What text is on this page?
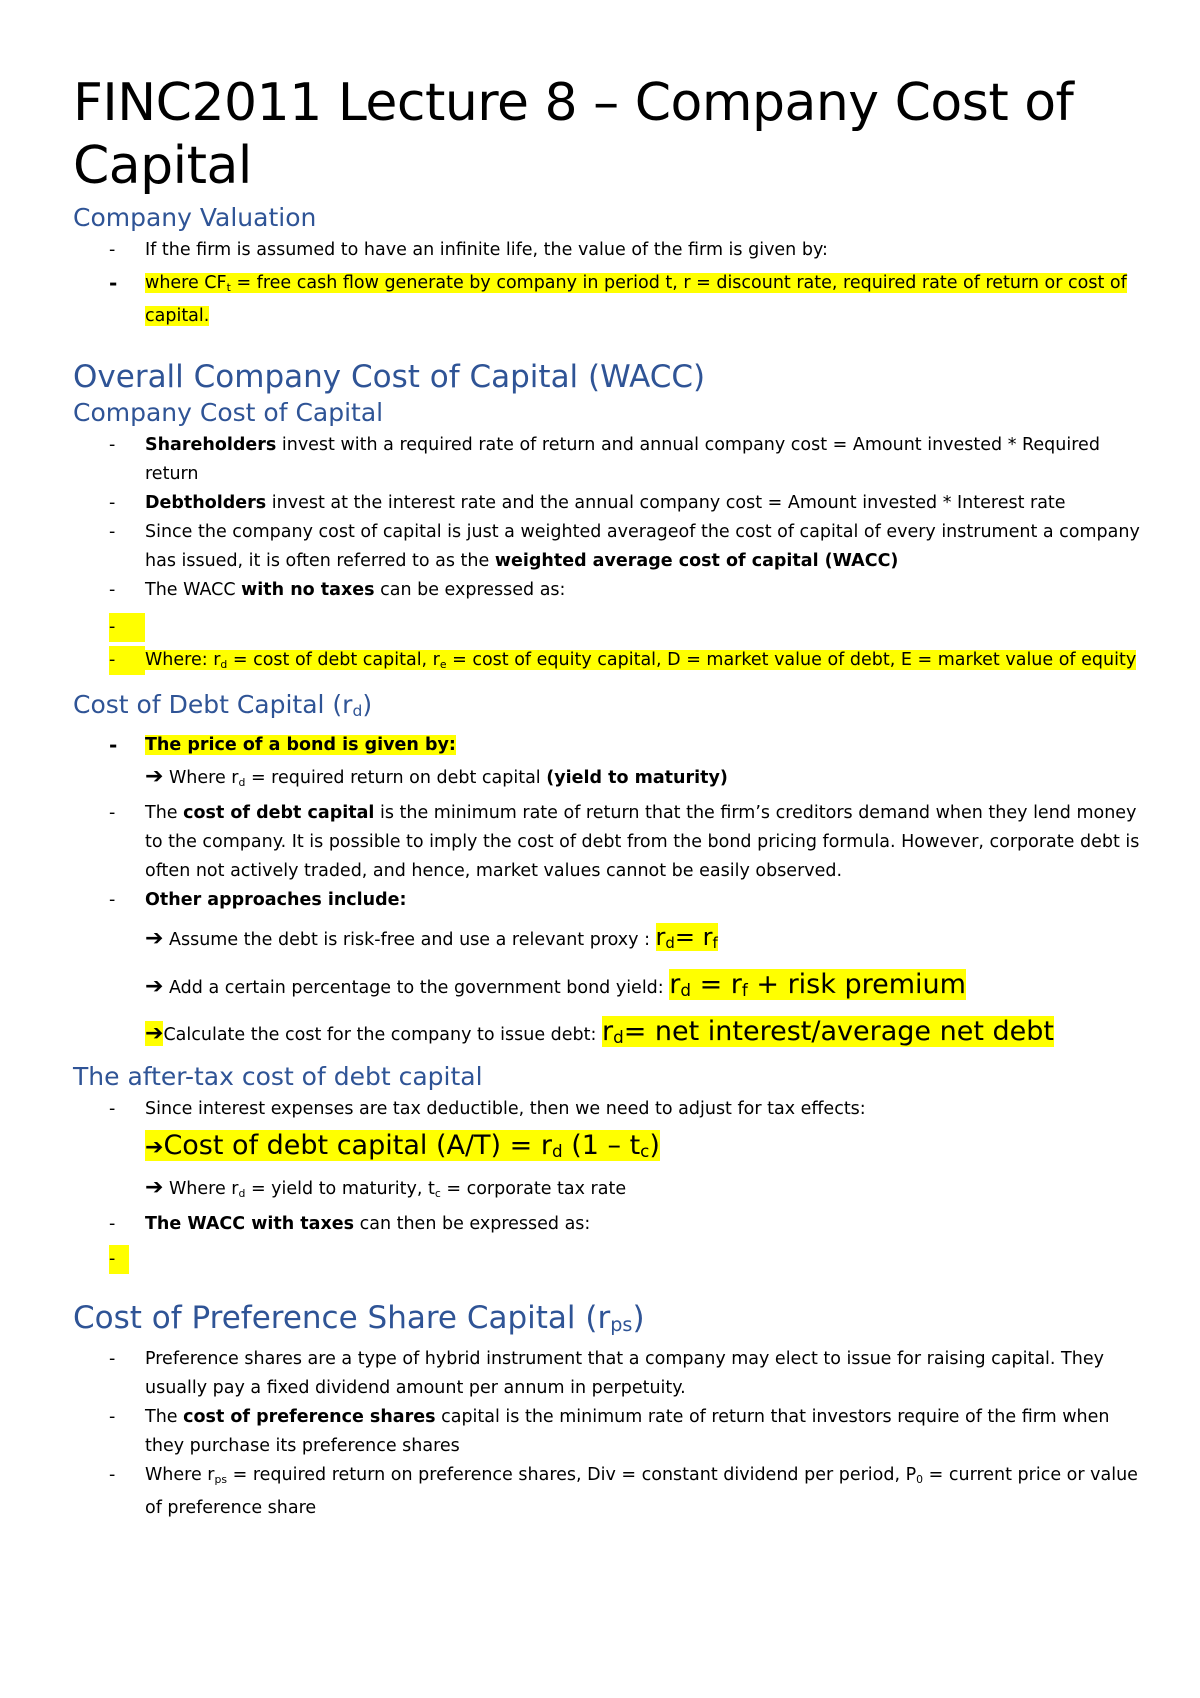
FINC2011 Lecture 8 – Company Cost of Capital
Company Valuation

- If the firm is assumed to have an infinite life, the value of the firm is given by:

- where $CF_t$ = free cash flow generate by company in period t, r = discount rate, required rate of return or cost of capital.

Overall Company Cost of Capital (WACC)
Company Cost of Capital

- Shareholders invest with a required rate of return and annual company cost = Amount invested * Required return

- Debtholders invest at the interest rate and the annual company cost = Amount invested * Interest rate

- Since the company cost of capital is just a weighted averageof the cost of capital of every instrument a company has issued, it is often referred to as the weighted average cost of capital (WACC)

- The WACC with no taxes can be expressed as:

-

-	Where: $r_d = \cos t$ of debt capital, $r_e = \cos t$ of equity capital, D = market value of debt, E = market value of equity

Cost of Debt Capital $(r_d)$

- The price of a bond is given by:

➔ Where $r_d$ = required return on debt capital (yield to maturity)

- The cost of debt capital is the minimum rate of return that the firm’s creditors demand when they lend money to the company. It is possible to imply the cost of debt from the bond pricing formula. However, corporate debt is often not actively traded, and hence, market values cannot be easily observed.

- Other approaches include:

➔ Assume the debt is risk-free and use a relevant proxy : $r_d= r_f$

➔ Add a certain percentage to the government bond yield: $r_d = r_f$ + risk premium

➔Calculate the cost for the company to issue debt: $r_d=$ net interest/average net debt

The after-tax cost of debt capital

- Since interest expenses are tax deductible, then we need to adjust for tax effects:

➔Cost of debt capital $(A/T) = r_d$ $(1 - t_c)$

➔ Where $r_d$ = yield to maturity, $t_c$ = corporate tax rate

- The WACC with taxes can then be expressed as:

-

Cost of Preference Share Capital $(r_{ps})$

- Preference shares are a type of hybrid instrument that a company may elect to issue for raising capital. They usually pay a fixed dividend amount per annum in perpetuity.

- The cost of preference shares capital is the minimum rate of return that investors require of the firm when they purchase its preference shares

- Where $r_{ps}$ = required return on preference shares, Div = constant dividend per period, $P_0$ = current price or value of preference share
